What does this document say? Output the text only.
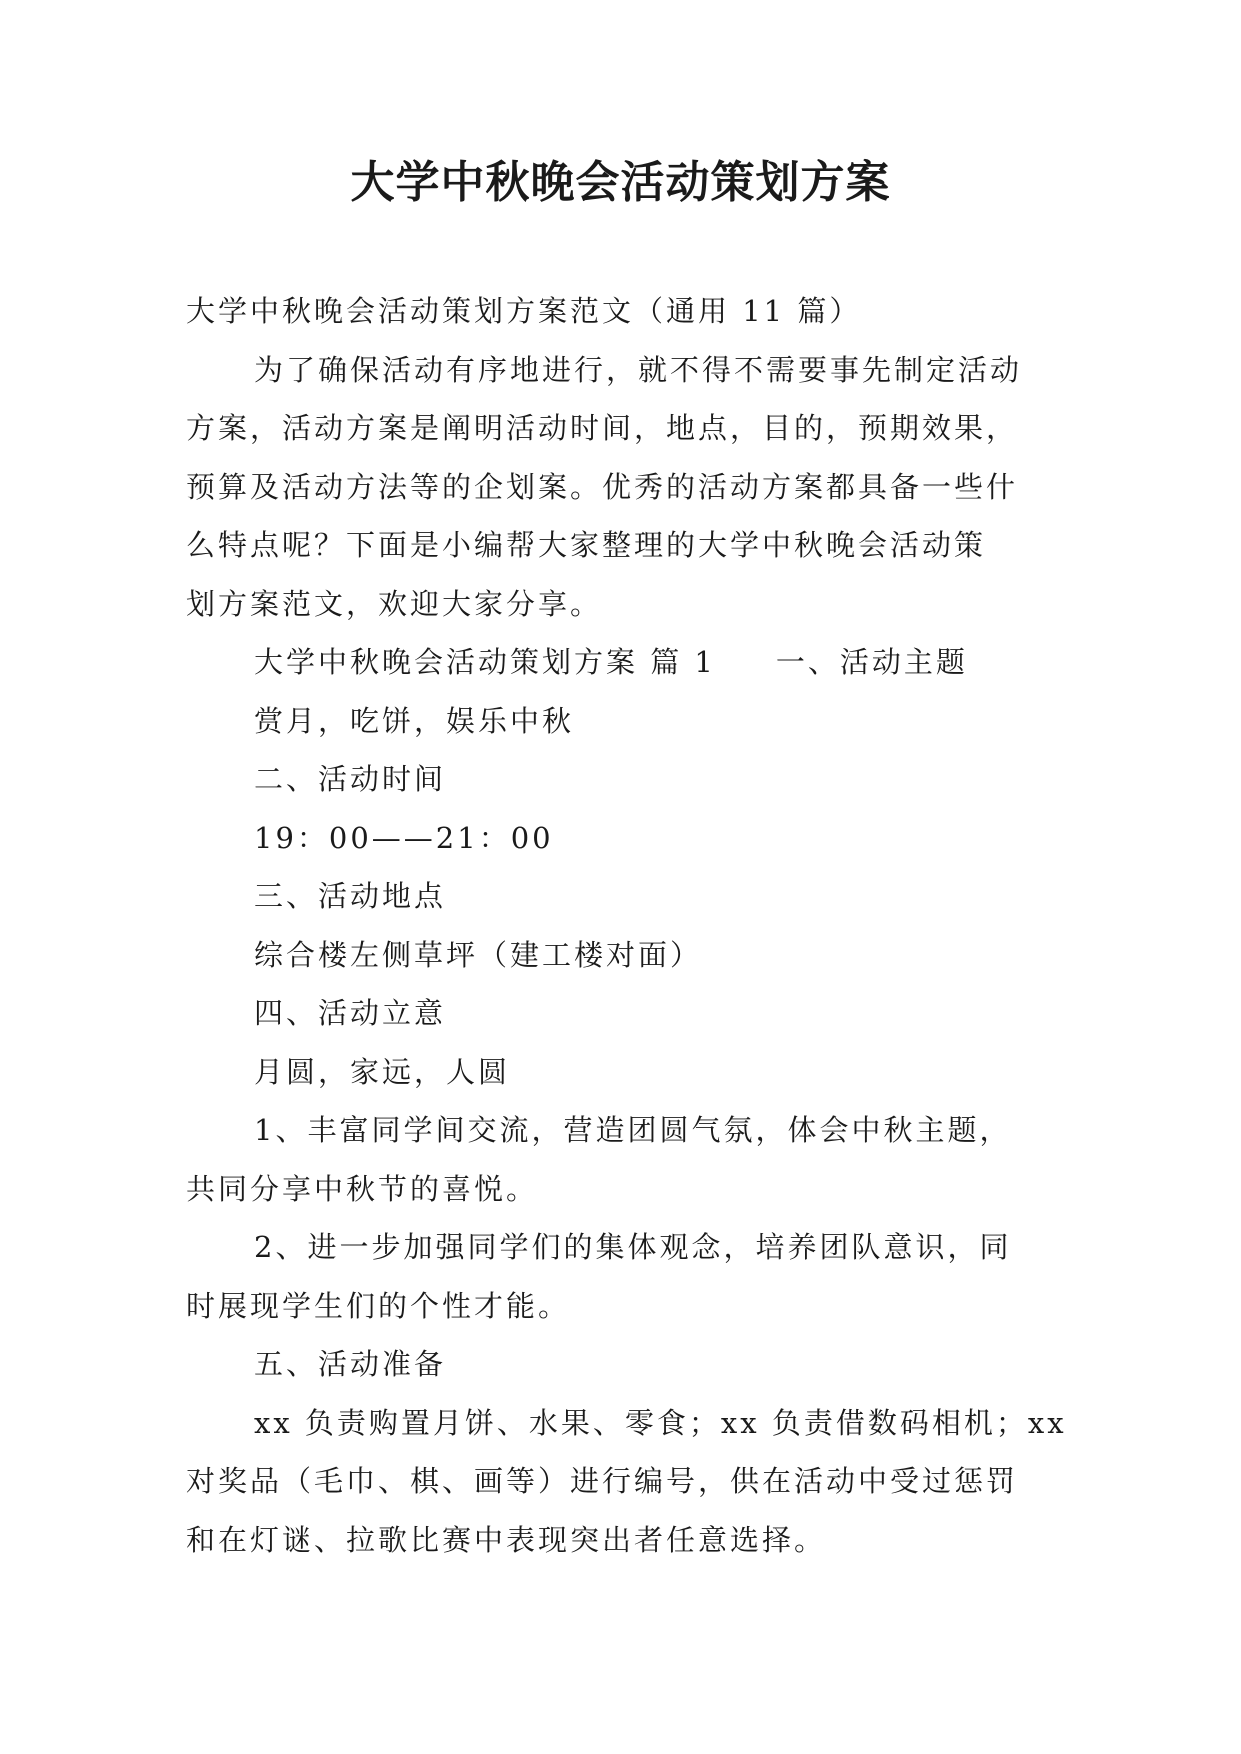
大学中秋晚会活动策划方案

大学中秋晚会活动策划方案范文（通用 11 篇）

为了确保活动有序地进行，就不得不需要事先制定活动

方案，活动方案是阐明活动时间，地点，目的，预期效果，

预算及活动方法等的企划案。优秀的活动方案都具备一些什

么特点呢？下面是小编帮大家整理的大学中秋晚会活动策

划方案范文，欢迎大家分享。

大学中秋晚会活动策划方案 篇 1 一、活动主题

赏月，吃饼，娱乐中秋

二、活动时间

19：00——21：00

三、活动地点

综合楼左侧草坪（建工楼对面）

四、活动立意

月圆，家远，人圆

1、丰富同学间交流，营造团圆气氛，体会中秋主题，

共同分享中秋节的喜悦。

2、进一步加强同学们的集体观念，培养团队意识，同

时展现学生们的个性才能。

五、活动准备

xx 负责购置月饼、水果、零食；xx 负责借数码相机；xx

对奖品（毛巾、棋、画等）进行编号，供在活动中受过惩罚

和在灯谜、拉歌比赛中表现突出者任意选择。
